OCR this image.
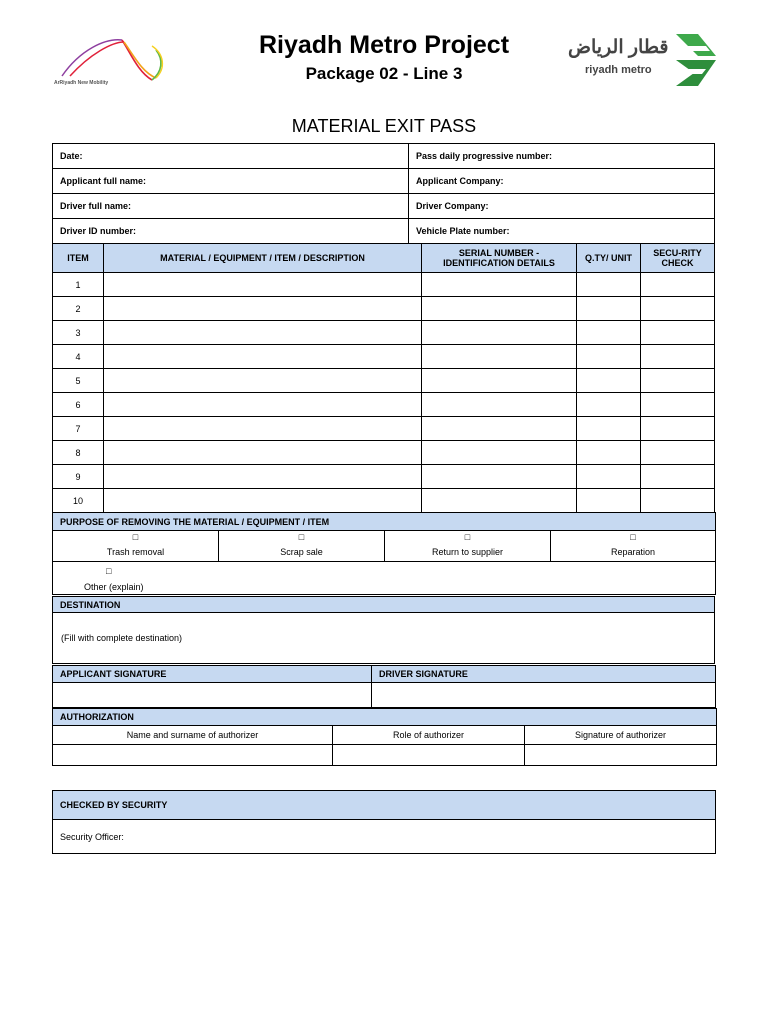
ArRiyadh New Mobility
Riyadh Metro Project
Package 02 - Line 3
قطار الرياض
riyadh metro
MATERIAL EXIT PASS
Date:	Pass daily progressive number:
Applicant full name:	Applicant Company:
Driver full name:	Driver Company:
Driver ID number:	Vehicle Plate number:
ITEM	MATERIAL / EQUIPMENT / ITEM / DESCRIPTION	SERIAL NUMBER - IDENTIFICATION DETAILS	Q.TY/ UNIT	SECU-RITY CHECK
1				
2				
3				
4				
5				
6				
7				
8				
9				
10				
PURPOSE OF REMOVING THE MATERIAL / EQUIPMENT / ITEM

□
Trash removal	
□
Scrap sale	
□
Return to supplier	
□
Reparation

□
Other (explain)
DESTINATION
(Fill with complete destination)
APPLICANT SIGNATURE	DRIVER SIGNATURE

AUTHORIZATION		
Name and surname of authorizer	Role of authorizer	Signature of authorizer

CHECKED BY SECURITY
Security Officer:
